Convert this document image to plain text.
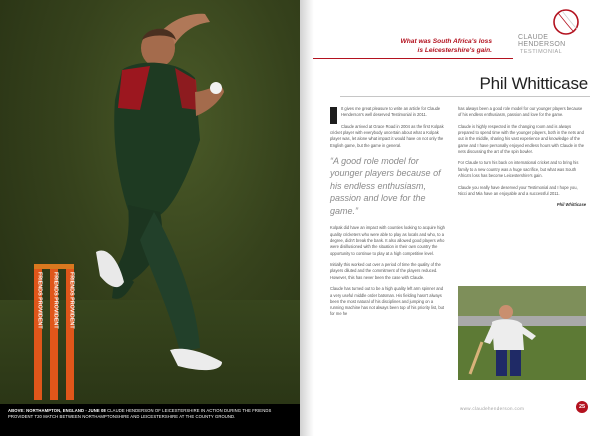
FRIENDS PROVIDENT FRIENDS PROVIDENT FRIENDS PROVIDENT

ABOVE: NORTHAMPTON, ENGLAND - JUNE 08 CLAUDE HENDERSON OF LEICESTERSHIRE IN ACTION DURING THE FRIENDS PROVIDENT T20 MATCH BETWEEN NORTHAMPTONSHIRE AND LEICESTERSHIRE AT THE COUNTY GROUND.

CLAUDE
HENDERSON
TESTIMONIAL
What was South Africa's loss
is Leicestershire's gain.
Phil Whitticase

It gives me great pleasure to write an article for Claude Henderson's well deserved Testimonial in 2011.

Claude arrived at Grace Road in 2004 as the first Kolpak cricket player with everybody uncertain about what a Kolpak player was, let alone what impact it would have on not only the English game, but the game in general.

“A good role model for younger players because of his endless enthusiasm, passion and love for the game.”

Kolpak did have an impact with counties looking to acquire high quality cricketers who were able to play as locals and who, to a degree, didn't break the bank. It also allowed good players who were disillusioned with the situation in their own country the opportunity to continue to play at a high competitive level.

Initially this worked out over a period of time the quality of the players diluted and the commitment of the players reduced. However, this has never been the case with Claude.

Claude has turned out to be a high quality left arm spinner and a very useful middle order batsman. His fielding hasn't always been the most natural of his disciplines and jumping on a running machine has not always been top of his priority list, but for me he

has always been a good role model for our younger players because of his endless enthusiasm, passion and love for the game.

Claude is highly respected in the changing room and is always prepared to spend time with the younger players, both in the nets and out in the middle, sharing his vast experience and knowledge of the game and I have personally enjoyed endless hours with Claude in the nets discussing the art of the spin bowler.

For Claude to turn his back on international cricket and to bring his family to a new country was a huge sacrifice, but what was South Africa's loss has become Leicestershire's gain.

Claude you really have deserved your Testimonial and I hope you, Nicci and Mia have an enjoyable and a successful 2011.

Phil Whitticase

www.claudehenderson.com	25
